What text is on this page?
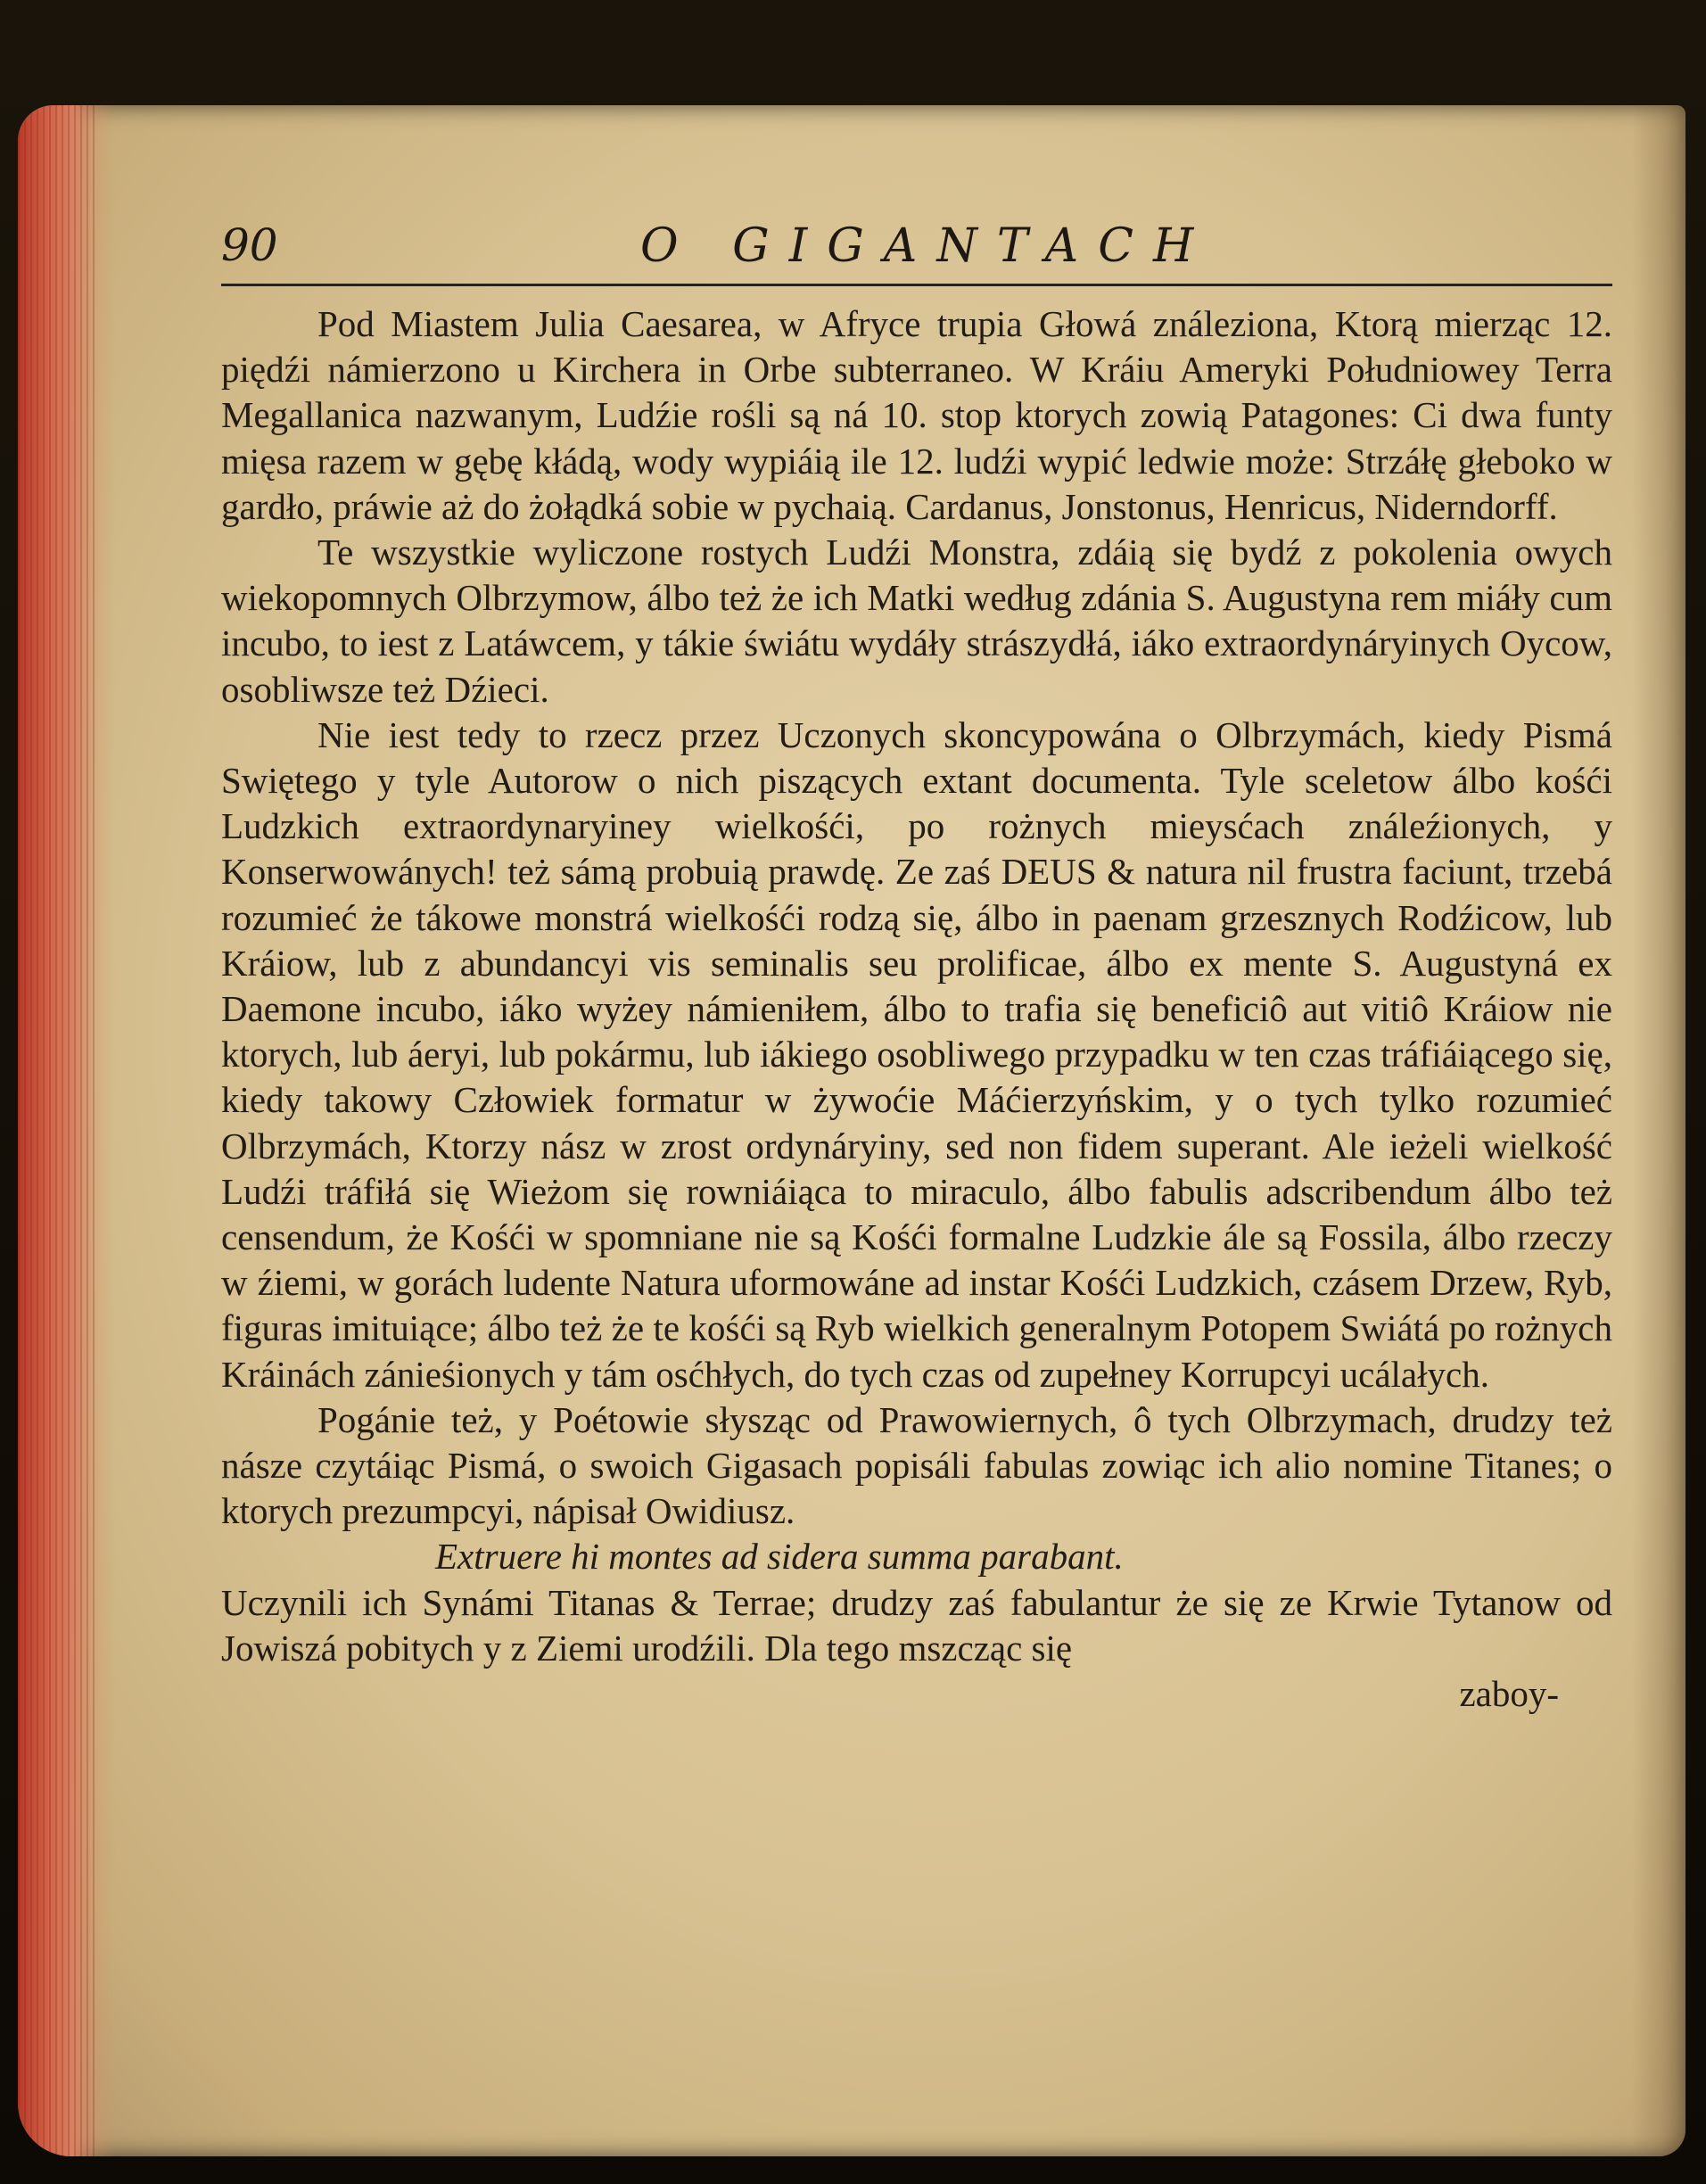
90	O GIGANTACH

Pod Miastem Julia Caesarea, w Afryce trupia Głowá ználeziona, Ktorą mierząc 12. piędźi námierzono u Kirchera in Orbe subterraneo. W Kráiu Ameryki Południowey Terra Megallanica nazwanym, Ludźie rośli są ná 10. stop ktorych zowią Patagones: Ci dwa funty mięsa razem w gębę kłádą, wody wypiáią ile 12. ludźi wypić ledwie może: Strzáłę głeboko w gardło, práwie aż do żołądká sobie w pychaią. Cardanus, Jonstonus, Henricus, Niderndorff.

Te wszystkie wyliczone rostych Ludźi Monstra, zdáią się bydź z pokolenia owych wiekopomnych Olbrzymow, álbo też że ich Matki według zdánia S. Augustyna rem miáły cum incubo, to iest z Latáwcem, y tákie świátu wydáły strászydłá, iáko extraordynáryinych Oycow, osobliwsze też Dźieci.

Nie iest tedy to rzecz przez Uczonych skoncypowána o Olbrzymách, kiedy Pismá Swiętego y tyle Autorow o nich piszących extant documenta. Tyle sceletow álbo kośći Ludzkich extraordynaryiney wielkośći, po rożnych mieysćach ználeźionych, y Konserwowánych! też sámą probuią prawdę. Ze zaś DEUS & natura nil frustra faciunt, trzebá rozumieć że tákowe monstrá wielkośći rodzą się, álbo in paenam grzesznych Rodźicow, lub Kráiow, lub z abundancyi vis seminalis seu prolificae, álbo ex mente S. Augustyná ex Daemone incubo, iáko wyżey námieniłem, álbo to trafia się beneficiô aut vitiô Kráiow nie ktorych, lub áeryi, lub pokármu, lub iákiego osobliwego przypadku w ten czas tráfiáiącego się, kiedy takowy Człowiek formatur w żywoćie Máćierzyńskim, y o tych tylko rozumieć Olbrzymách, Ktorzy nász w zrost ordynáryiny, sed non fidem superant. Ale ieżeli wielkość Ludźi tráfiłá się Wieżom się rowniáiąca to miraculo, álbo fabulis adscribendum álbo też censendum, że Kośći w spomniane nie są Kośći formalne Ludzkie ále są Fossila, álbo rzeczy w źiemi, w gorách ludente Natura uformowáne ad instar Kośći Ludzkich, czásem Drzew, Ryb, figuras imituiące; álbo też że te kośći są Ryb wielkich generalnym Potopem Swiátá po rożnych Kráinách zánieśionych y tám osćhłych, do tych czas od zupełney Korrupcyi ucálałych.

Pogánie też, y Poétowie słysząc od Prawowiernych, ô tych Olbrzymach, drudzy też násze czytáiąc Pismá, o swoich Gigasach popisáli fabulas zowiąc ich alio nomine Titanes; o ktorych prezumpcyi, nápisał Owidiusz.

Extruere hi montes ad sidera summa parabant.

Uczynili ich Synámi Titanas & Terrae; drudzy zaś fabulantur że się ze Krwie Tytanow od Jowiszá pobitych y z Ziemi urodźili. Dla tego mszcząc się

zaboy-
